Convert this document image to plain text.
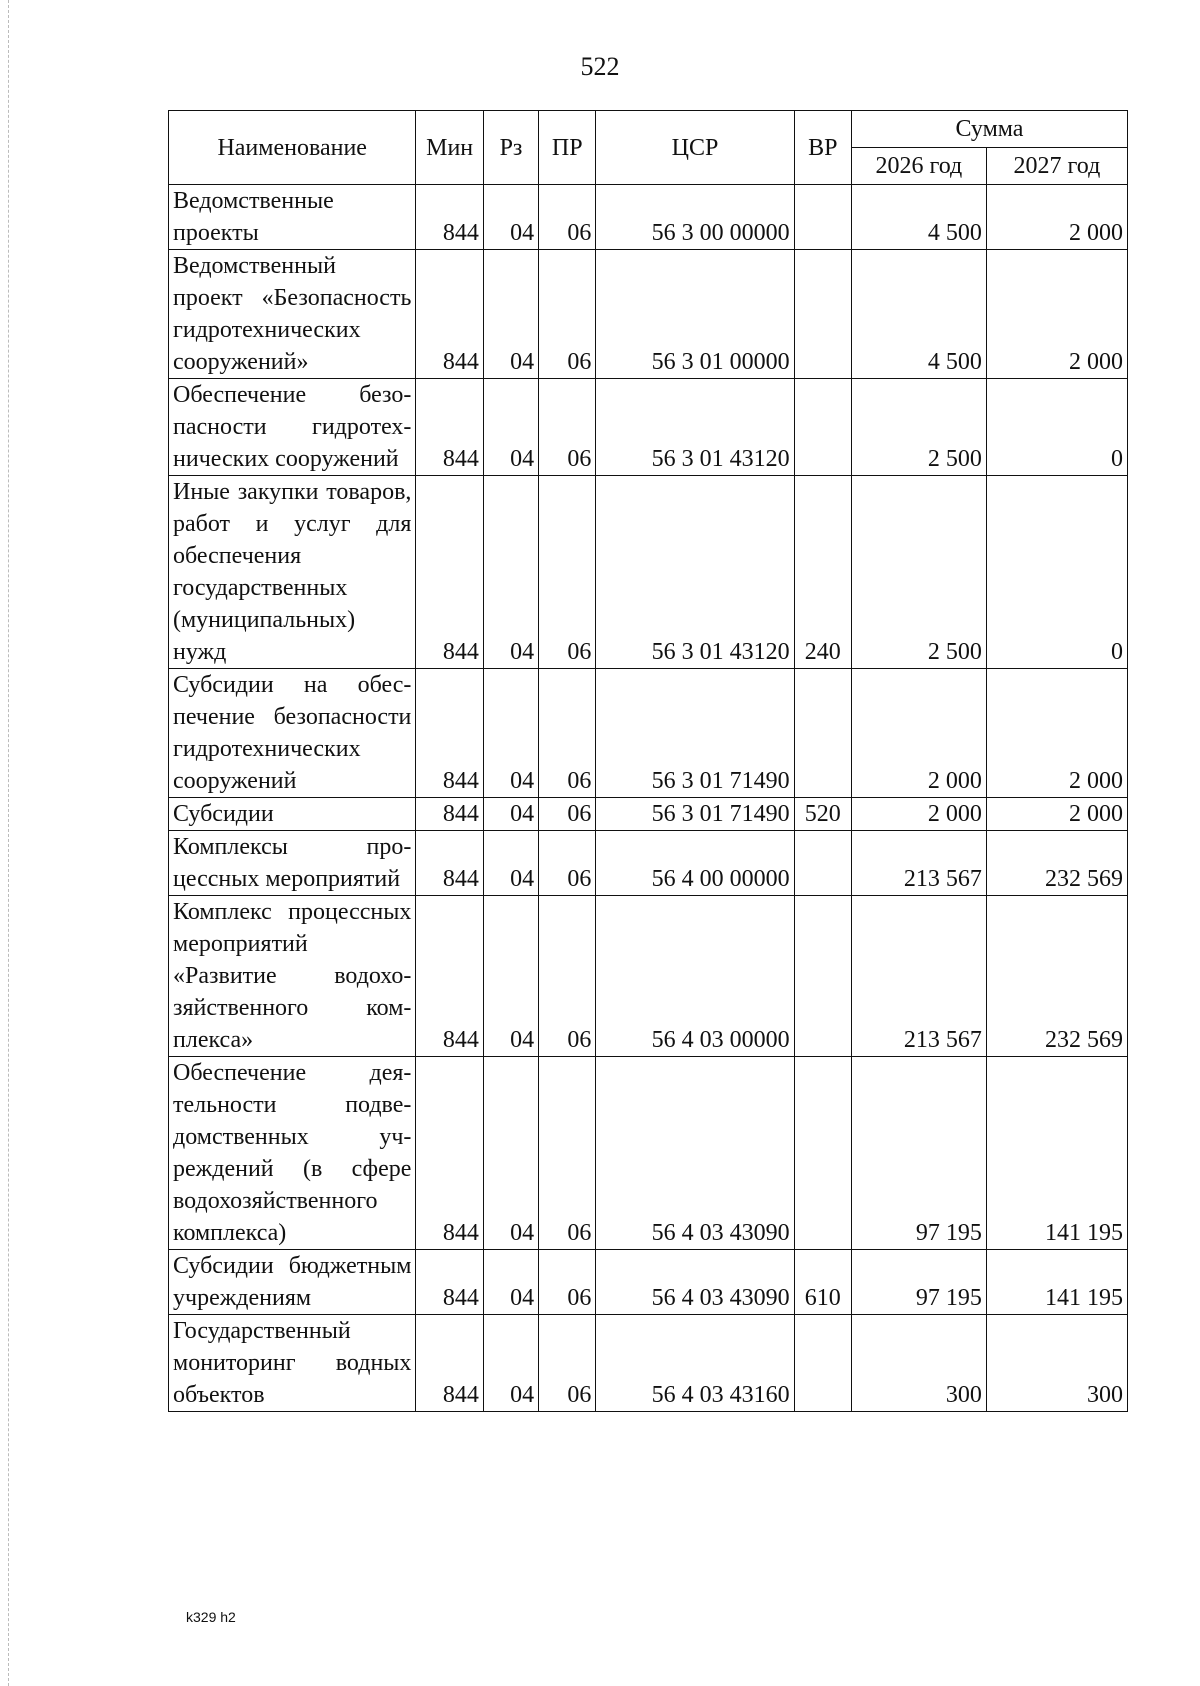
522
Наименование	Мин	Рз	ПР	ЦСР	ВР	Сумма	
						2026 год	2027 год
Ведомственные проекты	844	04	06	56 3 00 00000		4 500	2 000
Ведомственный проект «Безопасность гидротехнических сооружений»	844	04	06	56 3 01 00000		4 500	2 000
Обеспечение безопасности гидротехнических сооружений	844	04	06	56 3 01 43120		2 500	0
Иные закупки товаров, работ и услуг для обеспечения государственных (муниципальных) нужд	844	04	06	56 3 01 43120	240	2 500	0
Субсидии на обеспечение безопасности гидротехнических сооружений	844	04	06	56 3 01 71490		2 000	2 000
Субсидии	844	04	06	56 3 01 71490	520	2 000	2 000
Комплексы процессных мероприятий	844	04	06	56 4 00 00000		213 567	232 569
Комплекс процессных мероприятий «Развитие водохозяйственного комплекса»	844	04	06	56 4 03 00000		213 567	232 569
Обеспечение деятельности подведомственных учреждений (в сфере водохозяйственного комплекса)	844	04	06	56 4 03 43090		97 195	141 195
Субсидии бюджетным учреждениям	844	04	06	56 4 03 43090	610	97 195	141 195
Государственный мониторинг водных объектов	844	04	06	56 4 03 43160		300	300
k329 h2
